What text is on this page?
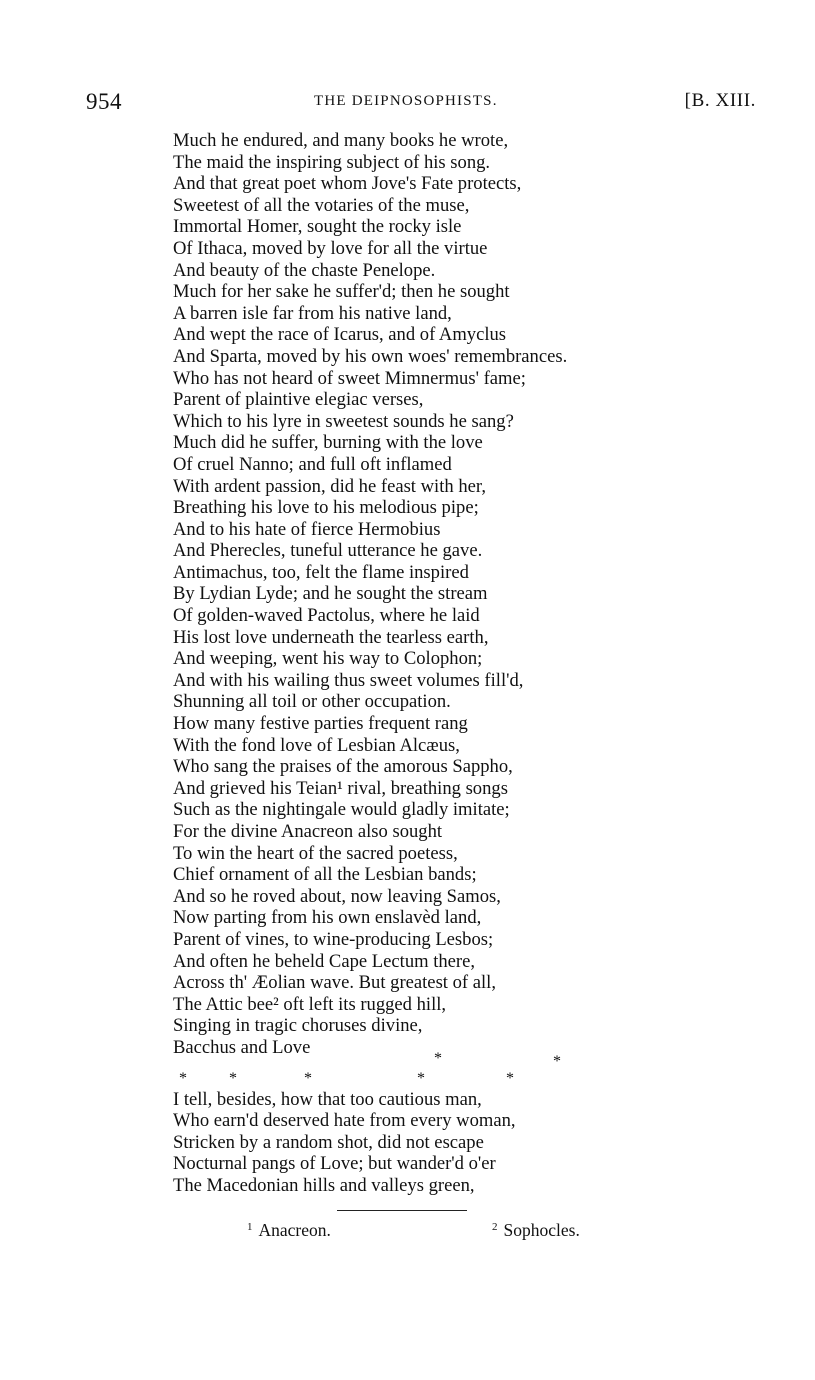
954	THE DEIPNOSOPHISTS.	[B. XIII.
Much he endured, and many books he wrote,
The maid the inspiring subject of his song.
And that great poet whom Jove's Fate protects,
Sweetest of all the votaries of the muse,
Immortal Homer, sought the rocky isle
Of Ithaca, moved by love for all the virtue
And beauty of the chaste Penelope.
Much for her sake he suffer'd; then he sought
A barren isle far from his native land,
And wept the race of Icarus, and of Amyclus
And Sparta, moved by his own woes' remembrances.
Who has not heard of sweet Mimnermus' fame;
Parent of plaintive elegiac verses,
Which to his lyre in sweetest sounds he sang?
Much did he suffer, burning with the love
Of cruel Nanno; and full oft inflamed
With ardent passion, did he feast with her,
Breathing his love to his melodious pipe;
And to his hate of fierce Hermobius
And Pherecles, tuneful utterance he gave.
Antimachus, too, felt the flame inspired
By Lydian Lyde; and he sought the stream
Of golden-waved Pactolus, where he laid
His lost love underneath the tearless earth,
And weeping, went his way to Colophon;
And with his wailing thus sweet volumes fill'd,
Shunning all toil or other occupation.
How many festive parties frequent rang
With the fond love of Lesbian Alcæus,
Who sang the praises of the amorous Sappho,
And grieved his Teian¹ rival, breathing songs
Such as the nightingale would gladly imitate;
For the divine Anacreon also sought
To win the heart of the sacred poetess,
Chief ornament of all the Lesbian bands;
And so he roved about, now leaving Samos,
Now parting from his own enslavèd land,
Parent of vines, to wine-producing Lesbos;
And often he beheld Cape Lectum there,
Across th' Æolian wave. But greatest of all,
The Attic bee² oft left its rugged hill,
Singing in tragic choruses divine,
Bacchus and Love
*	*	*	*	*
*	*
I tell, besides, how that too cautious man,
Who earn'd deserved hate from every woman,
Stricken by a random shot, did not escape
Nocturnal pangs of Love; but wander'd o'er
The Macedonian hills and valleys green,
$^1$ Anacreon.	$^2$ Sophocles.
